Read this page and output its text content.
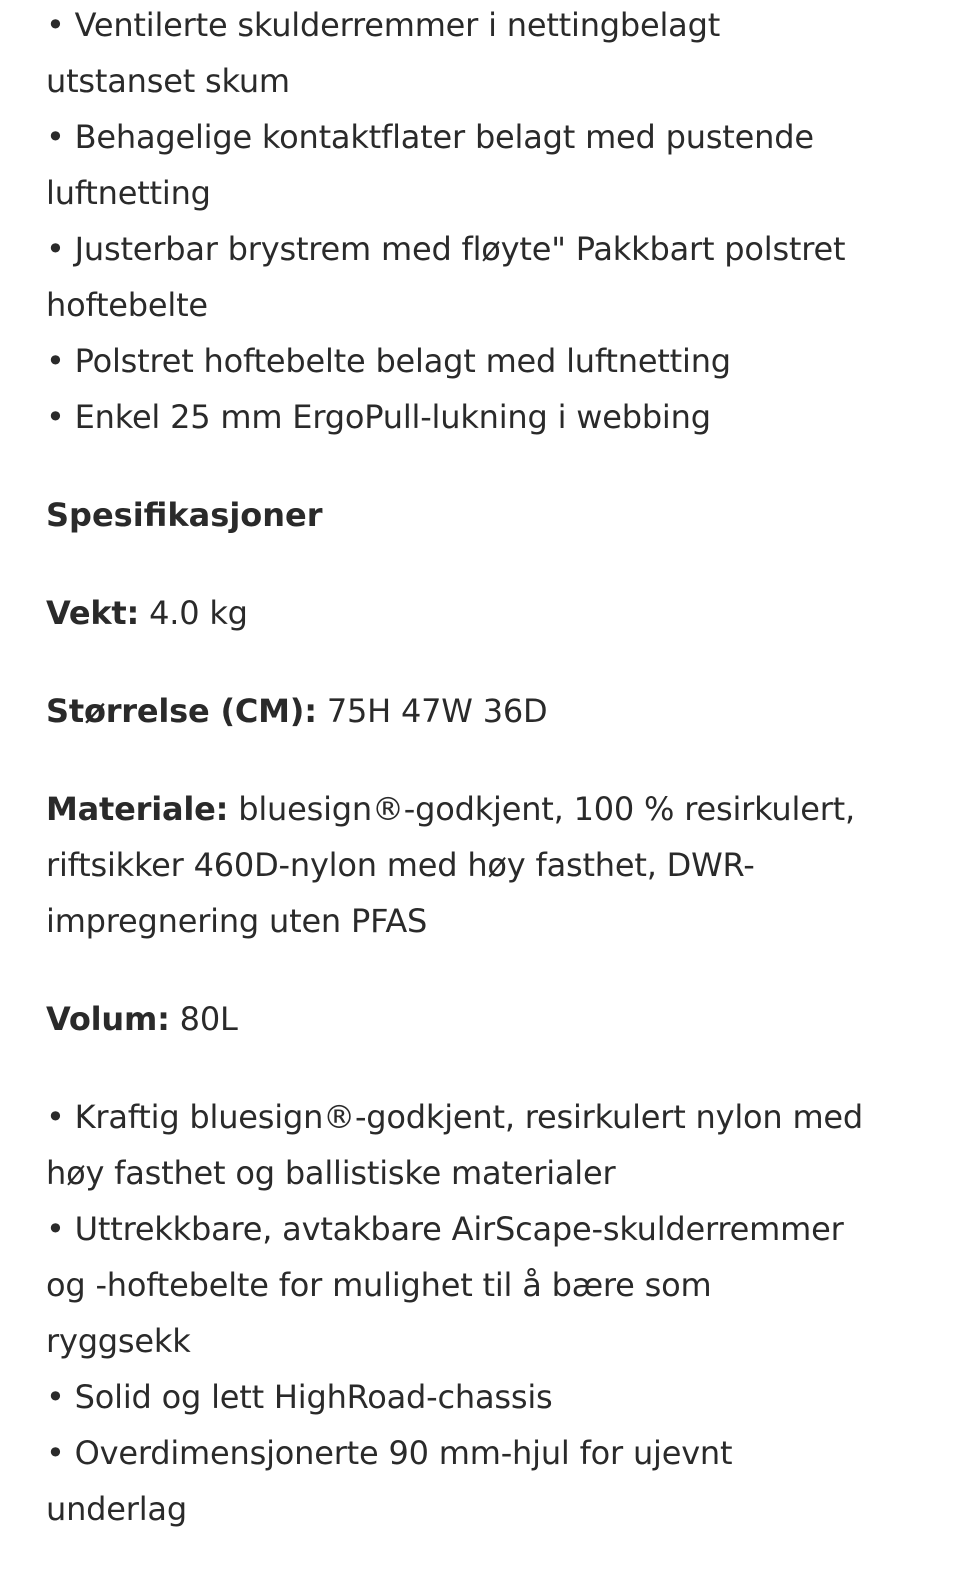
• Ventilerte skulderremmer i nettingbelagt
utstanset skum
• Behagelige kontaktflater belagt med pustende
luftnetting
• Justerbar brystrem med fløyte" Pakkbart polstret
hoftebelte
• Polstret hoftebelte belagt med luftnetting
• Enkel 25 mm ErgoPull-lukning i webbing
Spesifikasjoner
Vekt: 4.0 kg
Størrelse (CM): 75H 47W 36D
Materiale: bluesign®-godkjent, 100 % resirkulert,
riftsikker 460D-nylon med høy fasthet, DWR-
impregnering uten PFAS
Volum: 80L
• Kraftig bluesign®-godkjent, resirkulert nylon med
høy fasthet og ballistiske materialer
• Uttrekkbare, avtakbare AirScape-skulderremmer
og -hoftebelte for mulighet til å bære som
ryggsekk
• Solid og lett HighRoad-chassis
• Overdimensjonerte 90 mm-hjul for ujevnt
underlag
